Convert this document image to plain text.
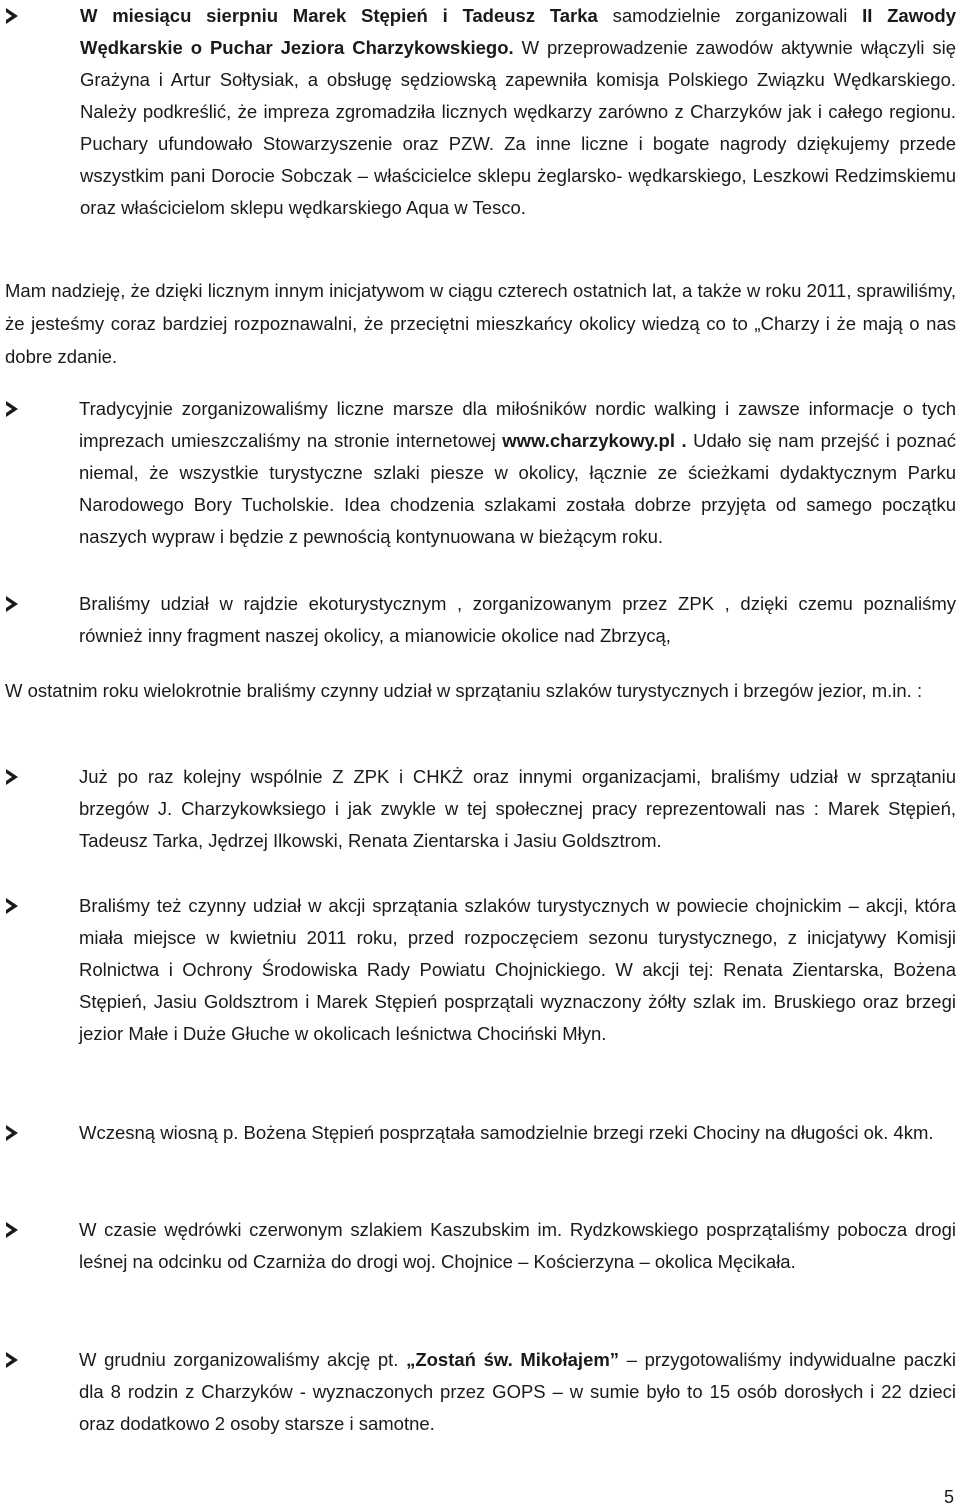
W miesiącu sierpniu Marek Stępień i Tadeusz Tarka samodzielnie zorganizowali II Zawody Wędkarskie o Puchar Jeziora Charzykowskiego. W przeprowadzenie zawodów aktywnie włączyli się Grażyna i Artur Sołtysiak, a obsługę sędziowską zapewniła komisja Polskiego Związku Wędkarskiego. Należy podkreślić, że impreza zgromadziła licznych wędkarzy zarówno z Charzyków jak i całego regionu. Puchary ufundowało Stowarzyszenie oraz PZW. Za inne liczne i bogate nagrody dziękujemy przede wszystkim pani Dorocie Sobczak – właścicielce sklepu żeglarsko- wędkarskiego, Leszkowi Redzimskiemu oraz właścicielom sklepu wędkarskiego Aqua w Tesco.
Mam nadzieję, że dzięki licznym innym inicjatywom w ciągu czterech ostatnich lat, a także w roku 2011, sprawiliśmy, że jesteśmy coraz bardziej rozpoznawalni, że przeciętni mieszkańcy okolicy wiedzą co to „Charzy i że mają o nas dobre zdanie.
Tradycyjnie zorganizowaliśmy liczne marsze dla miłośników nordic walking i zawsze informacje o tych imprezach umieszczaliśmy na stronie internetowej www.charzykowy.pl . Udało się nam przejść i poznać niemal, że wszystkie turystyczne szlaki piesze w okolicy, łącznie ze ścieżkami dydaktycznym Parku Narodowego Bory Tucholskie. Idea chodzenia szlakami została dobrze przyjęta od samego początku naszych wypraw i będzie z pewnością kontynuowana w bieżącym roku.
Braliśmy udział w rajdzie ekoturystycznym , zorganizowanym przez ZPK , dzięki czemu poznaliśmy również inny fragment naszej okolicy, a mianowicie okolice nad Zbrzycą,
W ostatnim roku wielokrotnie braliśmy czynny udział w sprzątaniu szlaków turystycznych i brzegów jezior, m.in. :
Już po raz kolejny wspólnie Z ZPK i CHKŻ oraz innymi organizacjami, braliśmy udział w sprzątaniu brzegów J. Charzykowksiego i jak zwykle w tej społecznej pracy reprezentowali nas : Marek Stępień, Tadeusz Tarka, Jędrzej Ilkowski, Renata Zientarska i Jasiu Goldsztrom.
Braliśmy też czynny udział w akcji sprzątania szlaków turystycznych w powiecie chojnickim – akcji, która miała miejsce w kwietniu 2011 roku, przed rozpoczęciem sezonu turystycznego, z inicjatywy Komisji Rolnictwa i Ochrony Środowiska Rady Powiatu Chojnickiego. W akcji tej: Renata Zientarska, Bożena Stępień, Jasiu Goldsztrom i Marek Stępień posprzątali wyznaczony żółty szlak im. Bruskiego oraz brzegi jezior Małe i Duże Głuche w okolicach leśnictwa Chociński Młyn.
Wczesną wiosną p. Bożena Stępień posprzątała samodzielnie brzegi rzeki Chociny na długości ok. 4km.
W czasie wędrówki czerwonym szlakiem Kaszubskim im. Rydzkowskiego posprzątaliśmy pobocza drogi leśnej na odcinku od Czarniża do drogi woj. Chojnice – Kościerzyna – okolica Męcikała.
W grudniu zorganizowaliśmy akcję pt. „Zostań św. Mikołajem” – przygotowaliśmy indywidualne paczki dla 8 rodzin z Charzyków - wyznaczonych przez GOPS – w sumie było to 15 osób dorosłych i 22 dzieci oraz dodatkowo 2 osoby starsze i samotne.
5
